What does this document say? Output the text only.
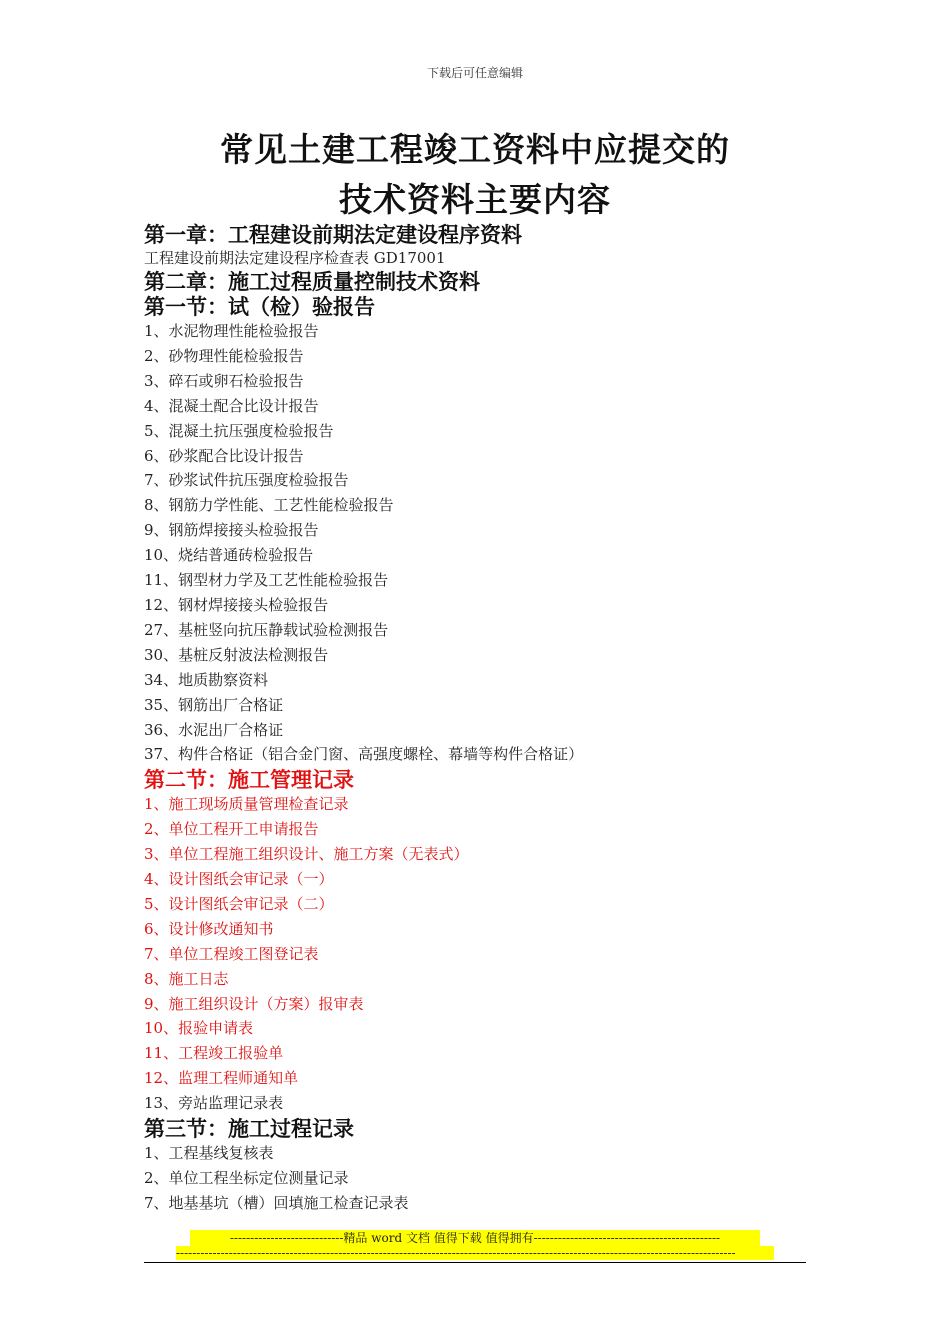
下载后可任意编辑
常见土建工程竣工资料中应提交的
技术资料主要内容
第一章：工程建设前期法定建设程序资料
工程建设前期法定建设程序检查表 GD17001
第二章：施工过程质量控制技术资料
第一节：试（检）验报告
1、水泥物理性能检验报告
2、砂物理性能检验报告
3、碎石或卵石检验报告
4、混凝土配合比设计报告
5、混凝土抗压强度检验报告
6、砂浆配合比设计报告
7、砂浆试件抗压强度检验报告
8、钢筋力学性能、工艺性能检验报告
9、钢筋焊接接头检验报告
10、烧结普通砖检验报告
11、钢型材力学及工艺性能检验报告
12、钢材焊接接头检验报告
27、基桩竖向抗压静载试验检测报告
30、基桩反射波法检测报告
34、地质勘察资料
35、钢筋出厂合格证
36、水泥出厂合格证
37、构件合格证（铝合金门窗、高强度螺栓、幕墙等构件合格证）
第二节：施工管理记录
1、施工现场质量管理检查记录
2、单位工程开工申请报告
3、单位工程施工组织设计、施工方案（无表式）
4、设计图纸会审记录（一）
5、设计图纸会审记录（二）
6、设计修改通知书
7、单位工程竣工图登记表
8、施工日志
9、施工组织设计（方案）报审表
10、报验申请表
11、工程竣工报验单
12、监理工程师通知单
13、旁站监理记录表
第三节：施工过程记录
1、工程基线复核表
2、单位工程坐标定位测量记录
7、地基基坑（槽）回填施工检查记录表
----------------------------精品 word 文档 值得下载 值得拥有----------------------------------------------
------------------------------------------------------------------------------------------------------------------------------------------
